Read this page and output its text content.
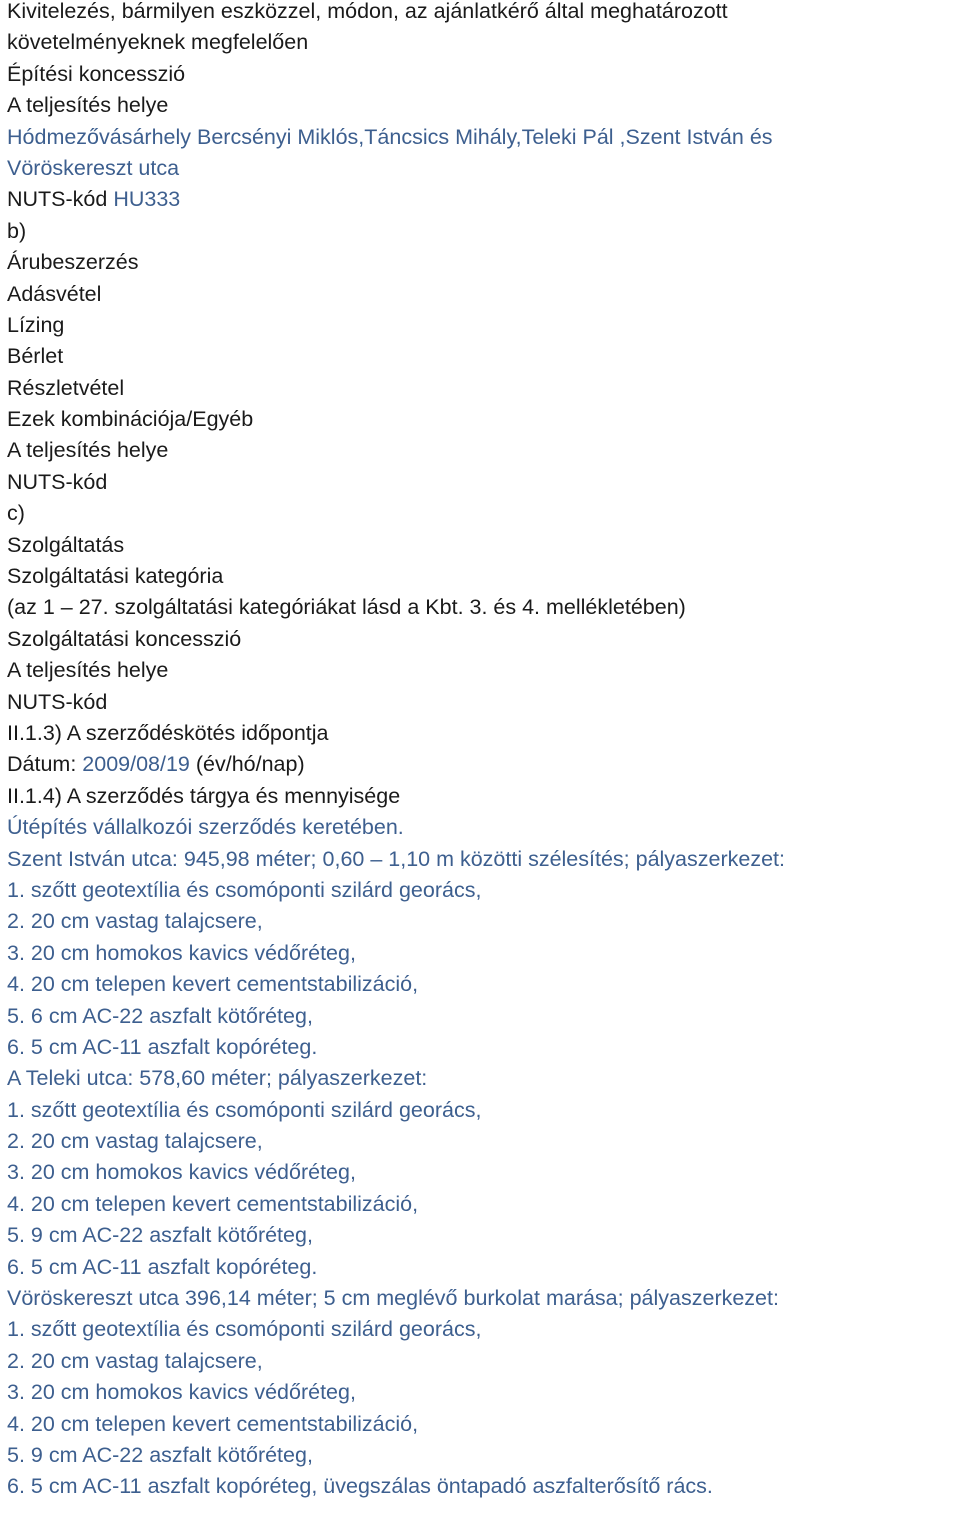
Kivitelezés, bármilyen eszközzel, módon, az ajánlatkérő által meghatározott
követelményeknek megfelelően
Építési koncesszió
A teljesítés helye
Hódmezővásárhely Bercsényi Miklós,Táncsics Mihály,Teleki Pál ,Szent István és
Vöröskereszt utca
NUTS-kód HU333
b)
Árubeszerzés
Adásvétel
Lízing
Bérlet
Részletvétel
Ezek kombinációja/Egyéb
A teljesítés helye
NUTS-kód
c)
Szolgáltatás
Szolgáltatási kategória
(az 1 – 27. szolgáltatási kategóriákat lásd a Kbt. 3. és 4. mellékletében)
Szolgáltatási koncesszió
A teljesítés helye
NUTS-kód
II.1.3) A szerződéskötés időpontja
Dátum: 2009/08/19 (év/hó/nap)
II.1.4) A szerződés tárgya és mennyisége
Útépítés vállalkozói szerződés keretében.
Szent István utca: 945,98 méter; 0,60 – 1,10 m közötti szélesítés; pályaszerkezet:
1. szőtt geotextília és csomóponti szilárd georács,
2. 20 cm vastag talajcsere,
3. 20 cm homokos kavics védőréteg,
4. 20 cm telepen kevert cementstabilizáció,
5. 6 cm AC-22 aszfalt kötőréteg,
6. 5 cm AC-11 aszfalt kopóréteg.
A Teleki utca: 578,60 méter; pályaszerkezet:
1. szőtt geotextília és csomóponti szilárd georács,
2. 20 cm vastag talajcsere,
3. 20 cm homokos kavics védőréteg,
4. 20 cm telepen kevert cementstabilizáció,
5. 9 cm AC-22 aszfalt kötőréteg,
6. 5 cm AC-11 aszfalt kopóréteg.
Vöröskereszt utca 396,14 méter; 5 cm meglévő burkolat marása; pályaszerkezet:
1. szőtt geotextília és csomóponti szilárd georács,
2. 20 cm vastag talajcsere,
3. 20 cm homokos kavics védőréteg,
4. 20 cm telepen kevert cementstabilizáció,
5. 9 cm AC-22 aszfalt kötőréteg,
6. 5 cm AC-11 aszfalt kopóréteg, üvegszálas öntapadó aszfalterősítő rács.
